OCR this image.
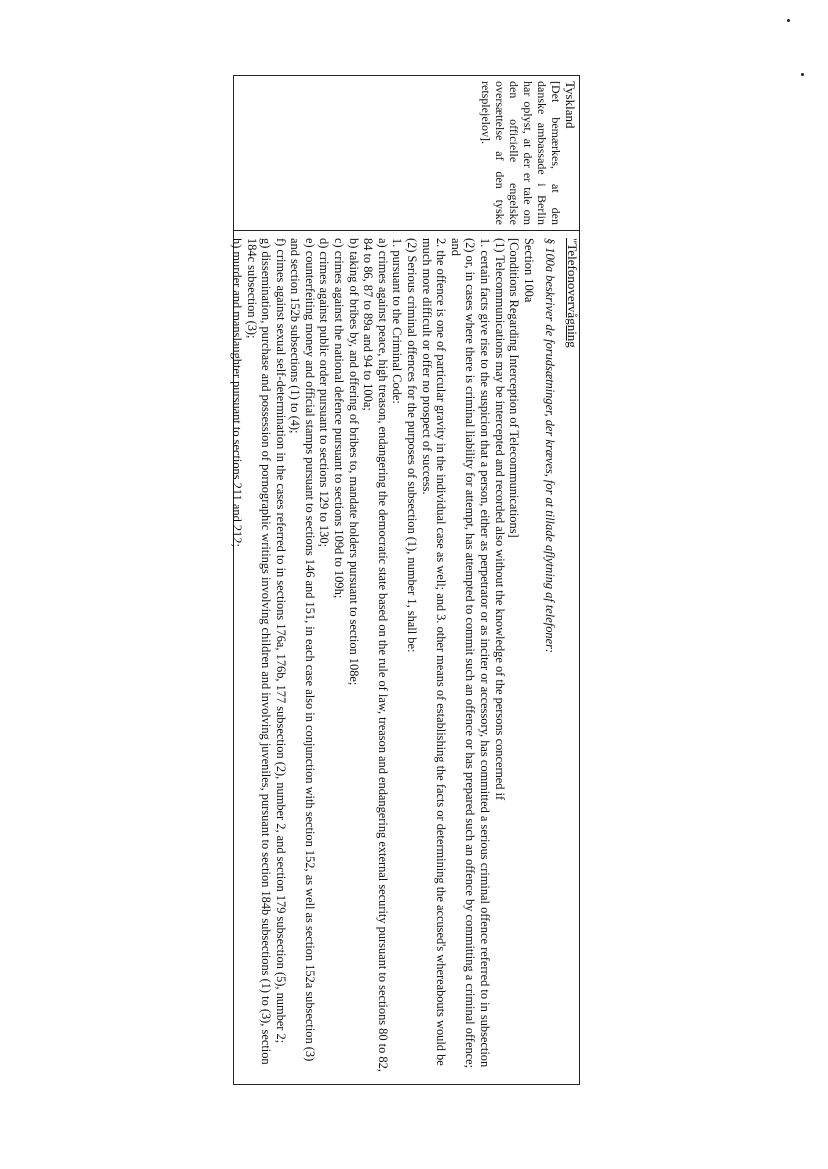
Tyskland

[Det bemærkes, at den danske ambassade i Berlin har oplyst, at der er tale om den officielle engelske oversættelse af den tyske retsplejelov].

"Telefonovervågning

§ 100a beskriver de forudsætninger, der kræves, for at tillade aflytning af telefoner:

Section 100a

[Conditions Regarding Interception of Telecommunications]

(1) Telecommunications may be intercepted and recorded also without the knowledge of the persons concerned if

1. certain facts give rise to the suspicion that a person, either as perpetrator or as inciter or accessory, has committed a serious criminal offence referred to in subsection (2) or, in cases where there is criminal liability for attempt, has attempted to commit such an offence or has prepared such an offence by committing a criminal offence; and

2. the offence is one of particular gravity in the individual case as well; and 3. other means of establishing the facts or determining the accused's whereabouts would be much more difficult or offer no prospect of success.

(2) Serious criminal offences for the purposes of subsection (1), number 1, shall be:

1. pursuant to the Criminal Code:

a) crimes against peace, high treason, endangering the democratic state based on the rule of law, treason and endangering external security pursuant to sections 80 to 82, 84 to 86, 87 to 89a and 94 to 100a;

b) taking of bribes by, and offering of bribes to, mandate holders pursuant to section 108e;

c) crimes against the national defence pursuant to sections 109d to 109h;

d) crimes against public order pursuant to sections 129 to 130;

e) counterfeiting money and official stamps pursuant to sections 146 and 151, in each case also in conjunction with section 152, as well as section 152a subsection (3) and section 152b subsections (1) to (4);

f) crimes against sexual self-determination in the cases referred to in sections 176a, 176b, 177 subsection (2), number 2, and section 179 subsection (5), number 2;

g) dissemination, purchase and possession of pornographic writings involving children and involving juveniles, pursuant to section 184b subsections (1) to (3), section 184c subsection (3);

h) murder and manslaughter pursuant to sections 211 and 212;
